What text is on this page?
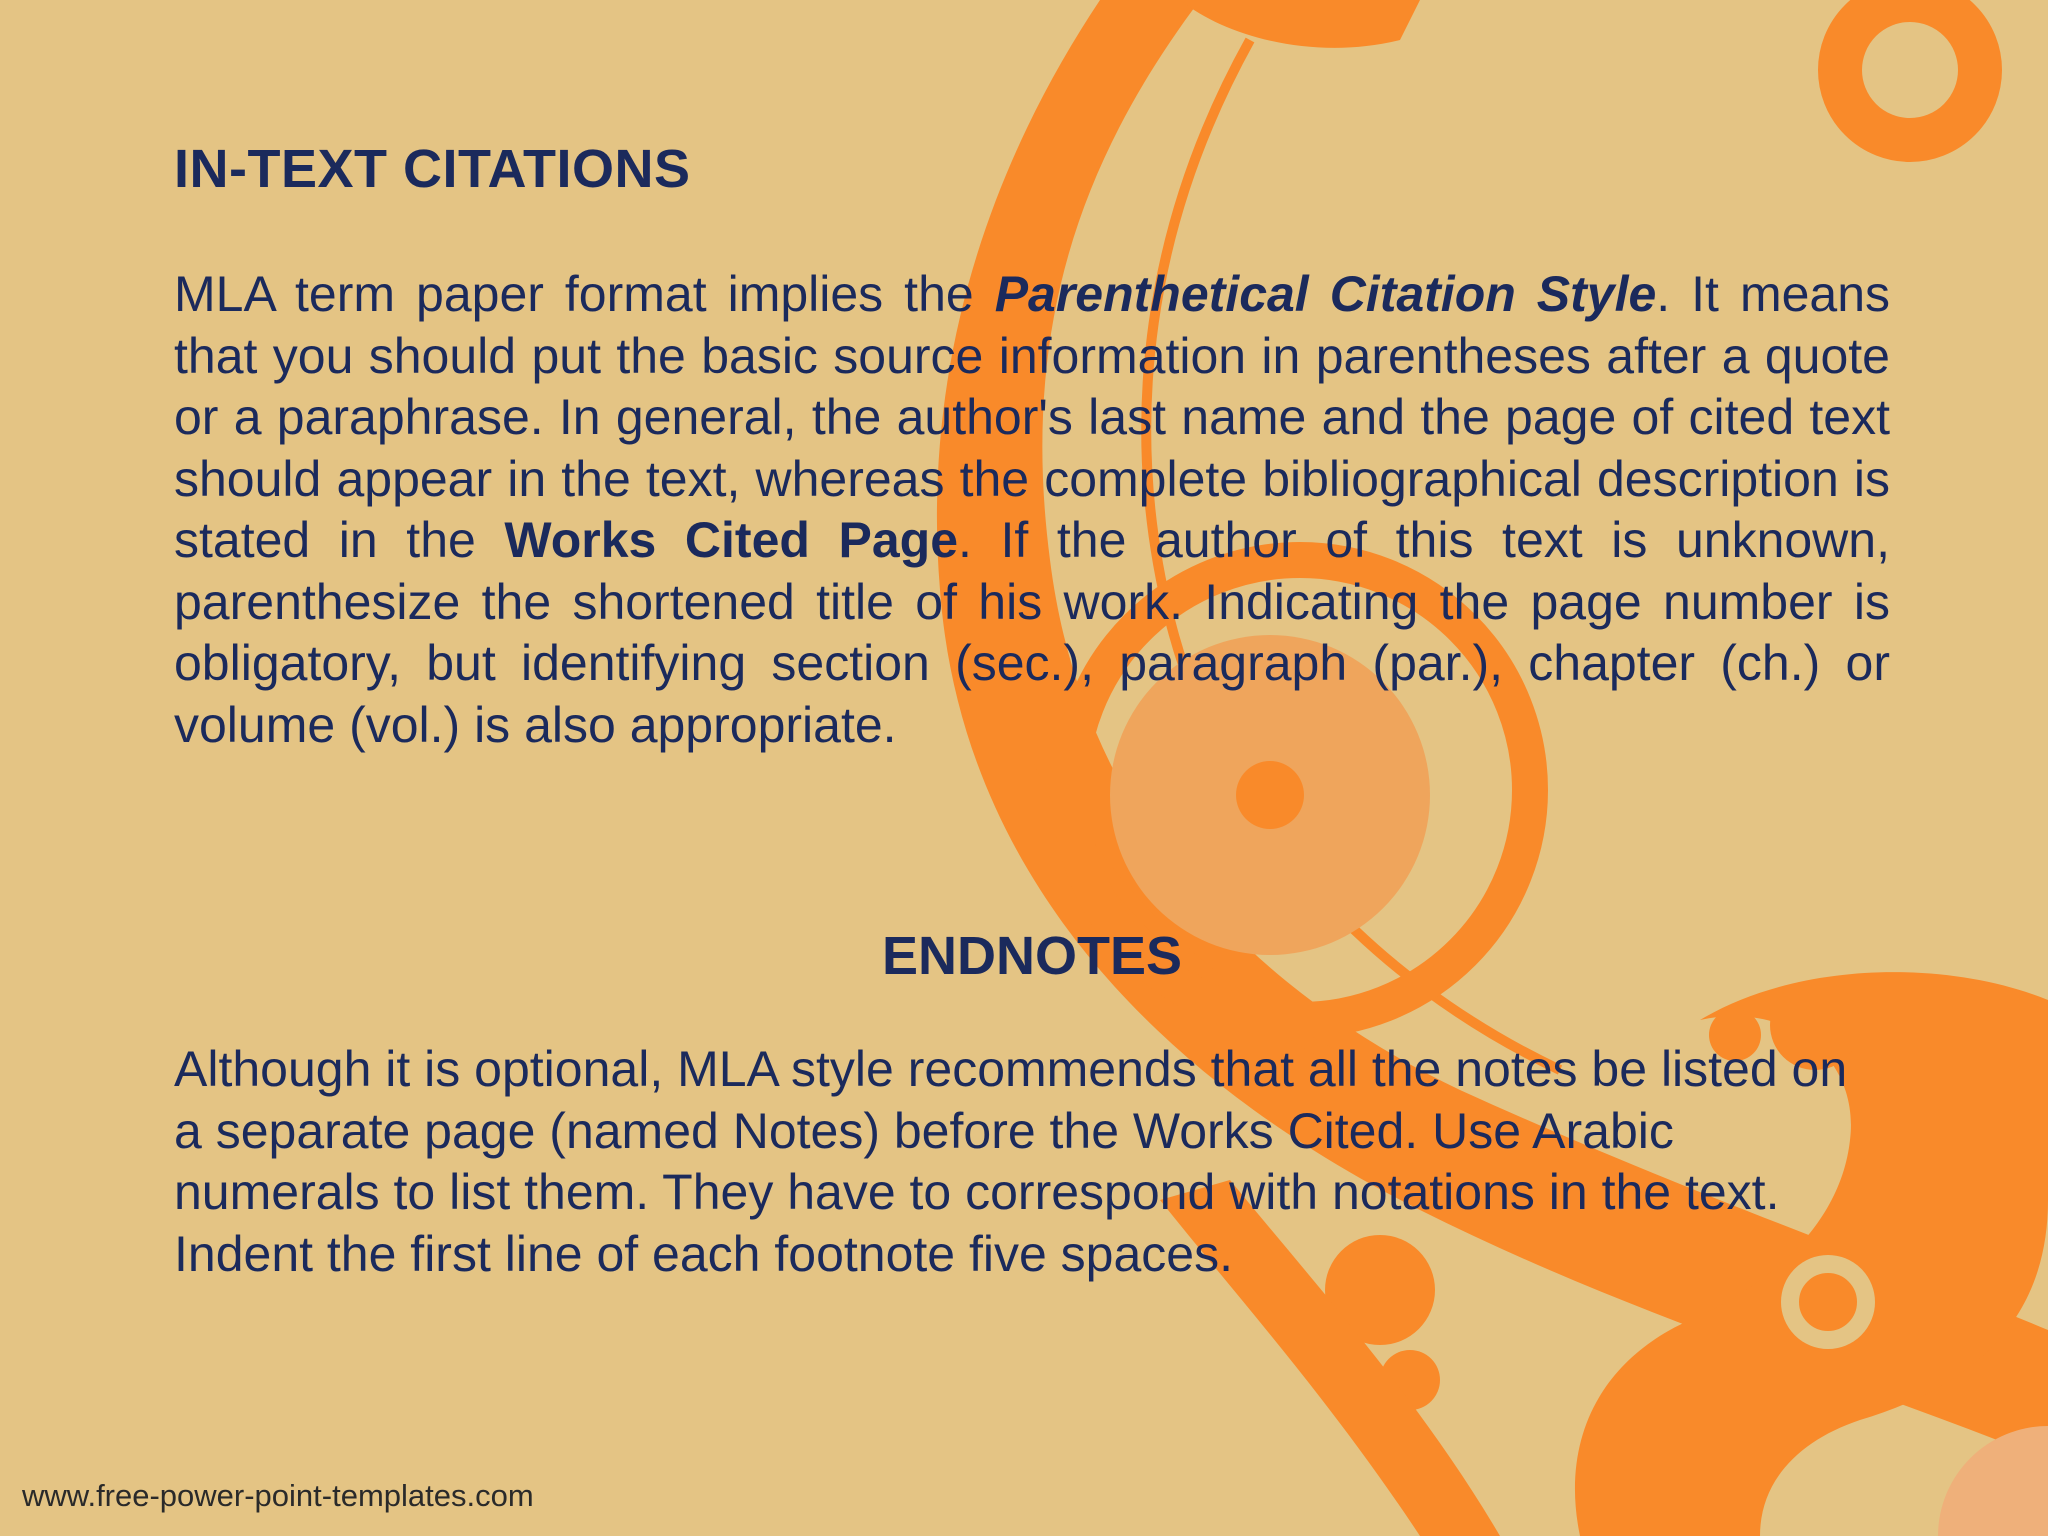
IN-TEXT CITATIONS

MLA term paper format implies the Parenthetical Citation Style. It means that you should put the basic source information in parentheses after a quote or a paraphrase. In general, the author's last name and the page of cited text should appear in the text, whereas the complete bibliographical description is stated in the Works Cited Page. If the author of this text is unknown, parenthesize the shortened title of his work. Indicating the page number is obligatory, but identifying section (sec.), paragraph (par.), chapter (ch.) or volume (vol.) is also appropriate.

ENDNOTES

Although it is optional, MLA style recommends that all the notes be listed on
a separate page (named Notes) before the Works Cited. Use Arabic
numerals to list them. They have to correspond with notations in the text.
Indent the first line of each footnote five spaces.

www.free-power-point-templates.com
